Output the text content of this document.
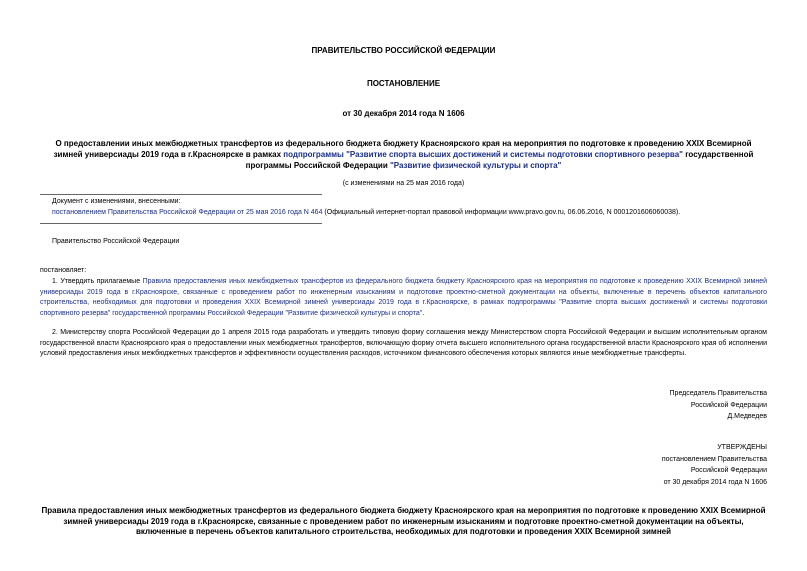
ПРАВИТЕЛЬСТВО РОССИЙСКОЙ ФЕДЕРАЦИИ
ПОСТАНОВЛЕНИЕ
от 30 декабря 2014 года N 1606
О предоставлении иных межбюджетных трансфертов из федерального бюджета бюджету Красноярского края на мероприятия по подготовке к проведению XXIX Всемирной зимней универсиады 2019 года в г.Красноярске в рамках подпрограммы "Развитие спорта высших достижений и системы подготовки спортивного резерва" государственной программы Российской Федерации "Развитие физической культуры и спорта"
(с изменениями на 25 мая 2016 года)
Документ с изменениями, внесенными:
постановлением Правительства Российской Федерации от 25 мая 2016 года N 464 (Официальный интернет-портал правовой информации www.pravo.gov.ru, 06.06.2016, N 0001201606060038).
Правительство Российской Федерации
постановляет:
1. Утвердить прилагаемые Правила предоставления иных межбюджетных трансфертов из федерального бюджета бюджету Красноярского края на мероприятия по подготовке к проведению XXIX Всемирной зимней универсиады 2019 года в г.Красноярске, связанные с проведением работ по инженерным изысканиям и подготовке проектно-сметной документации на объекты, включенные в перечень объектов капитального строительства, необходимых для подготовки и проведения XXIX Всемирной зимней универсиады 2019 года в г.Красноярске, в рамках подпрограммы "Развитие спорта высших достижений и системы подготовки спортивного резерва" государственной программы Российской Федерации "Развитие физической культуры и спорта".
2. Министерству спорта Российской Федерации до 1 апреля 2015 года разработать и утвердить типовую форму соглашения между Министерством спорта Российской Федерации и высшим исполнительным органом государственной власти Красноярского края о предоставлении иных межбюджетных трансфертов, включающую форму отчета высшего исполнительного органа государственной власти Красноярского края об исполнении условий предоставления иных межбюджетных трансфертов и эффективности осуществления расходов, источником финансового обеспечения которых являются иные межбюджетные трансферты.
Председатель Правительства
Российской Федерации
Д.Медведев
УТВЕРЖДЕНЫ
постановлением Правительства
Российской Федерации
от 30 декабря 2014 года N 1606
Правила предоставления иных межбюджетных трансфертов из федерального бюджета бюджету Красноярского края на мероприятия по подготовке к проведению XXIX Всемирной зимней универсиады 2019 года в г.Красноярске, связанные с проведением работ по инженерным изысканиям и подготовке проектно-сметной документации на объекты, включенные в перечень объектов капитального строительства, необходимых для подготовки и проведения XXIX Всемирной зимней
